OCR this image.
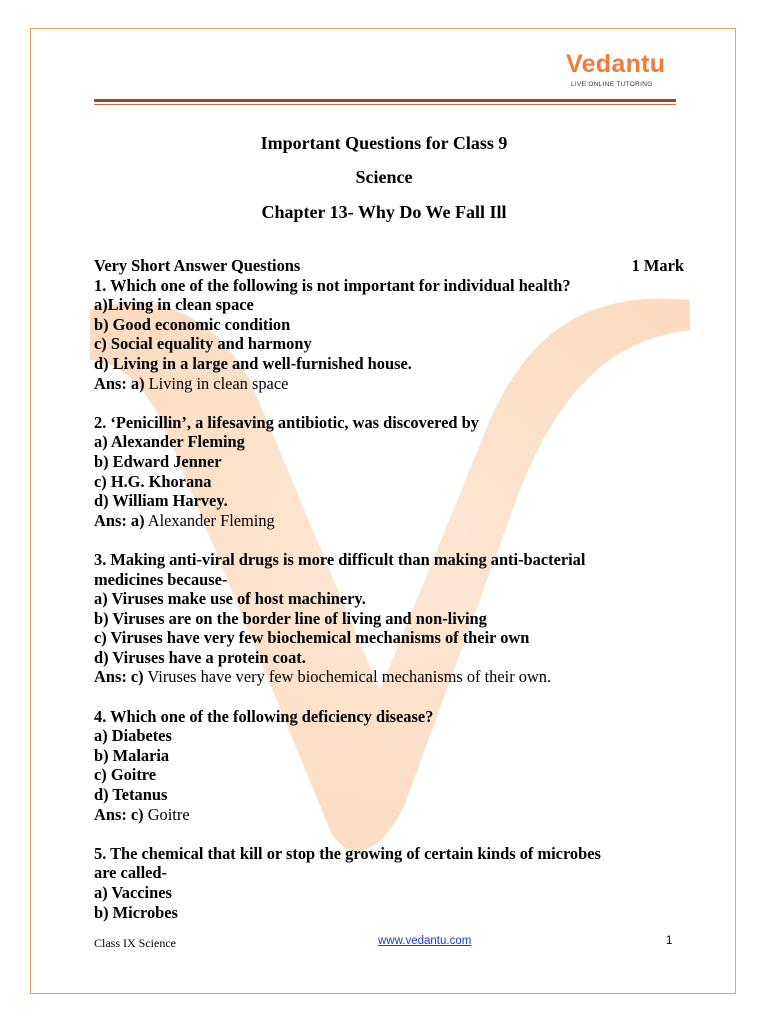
Vedantu
LIVE ONLINE TUTORING
Important Questions for Class 9
Science
Chapter 13- Why Do We Fall Ill
Very Short Answer Questions	1 Mark

1. Which one of the following is not important for individual health?

a)Living in clean space

b) Good economic condition

c) Social equality and harmony

d) Living in a large and well-furnished house.

Ans: a) Living in clean space

2. ‘Penicillin’, a lifesaving antibiotic, was discovered by

a) Alexander Fleming

b) Edward Jenner

c) H.G. Khorana

d) William Harvey.

Ans: a) Alexander Fleming

3. Making anti-viral drugs is more difficult than making anti-bacterial

medicines because-

a) Viruses make use of host machinery.

b) Viruses are on the border line of living and non-living

c) Viruses have very few biochemical mechanisms of their own

d) Viruses have a protein coat.

Ans: c) Viruses have very few biochemical mechanisms of their own.

4. Which one of the following deficiency disease?

a) Diabetes

b) Malaria

c) Goitre

d) Tetanus

Ans: c) Goitre

5. The chemical that kill or stop the growing of certain kinds of microbes

are called-

a) Vaccines

b) Microbes

Class IX Science	www.vedantu.com	1
